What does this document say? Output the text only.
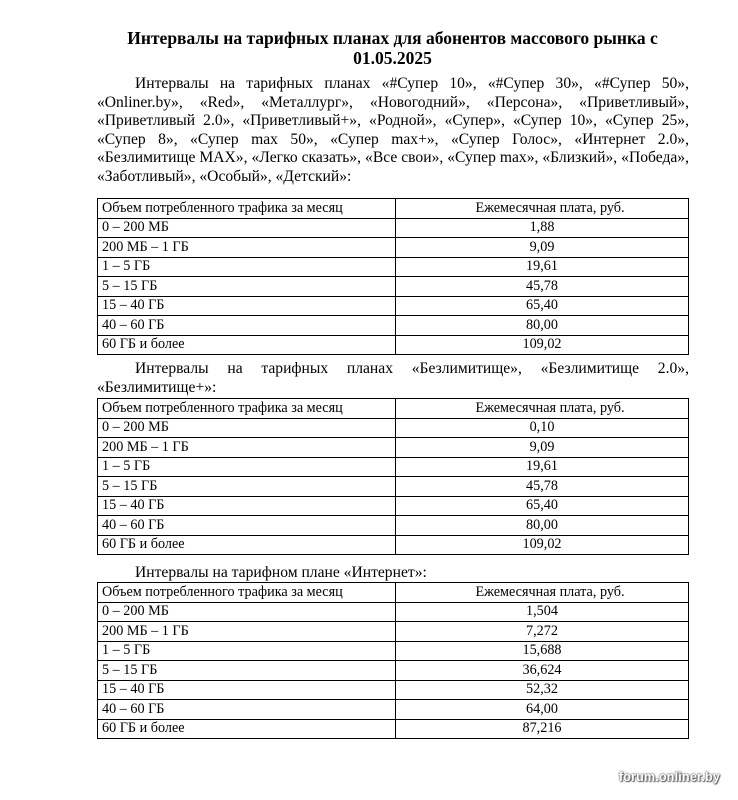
Интервалы на тарифных планах для абонентов массового рынка с 01.05.2025

Интервалы на тарифных планах «#Супер 10», «#Супер 30», «#Супер 50», «Onliner.by», «Red», «Металлург», «Новогодний», «Персона», «Приветливый», «Приветливый 2.0», «Приветливый+», «Родной», «Супер», «Супер 10», «Супер 25», «Супер 8», «Супер max 50», «Супер max+», «Супер Голос», «Интернет 2.0», «Безлимитище MAX», «Легко сказать», «Все свои», «Супер max», «Близкий», «Победа», «Заботливый», «Особый», «Детский»:

Объем потребленного трафика за месяц	Ежемесячная плата, руб.
0 – 200 МБ	1,88
200 МБ – 1 ГБ	9,09
1 – 5 ГБ	19,61
5 – 15 ГБ	45,78
15 – 40 ГБ	65,40
40 – 60 ГБ	80,00
60 ГБ и более	109,02

Интервалы на тарифных планах «Безлимитище», «Безлимитище 2.0», «Безлимитище+»:

Объем потребленного трафика за месяц	Ежемесячная плата, руб.
0 – 200 МБ	0,10
200 МБ – 1 ГБ	9,09
1 – 5 ГБ	19,61
5 – 15 ГБ	45,78
15 – 40 ГБ	65,40
40 – 60 ГБ	80,00
60 ГБ и более	109,02

Интервалы на тарифном плане «Интернет»:

Объем потребленного трафика за месяц	Ежемесячная плата, руб.
0 – 200 МБ	1,504
200 МБ – 1 ГБ	7,272
1 – 5 ГБ	15,688
5 – 15 ГБ	36,624
15 – 40 ГБ	52,32
40 – 60 ГБ	64,00
60 ГБ и более	87,216
forum.onliner.by
